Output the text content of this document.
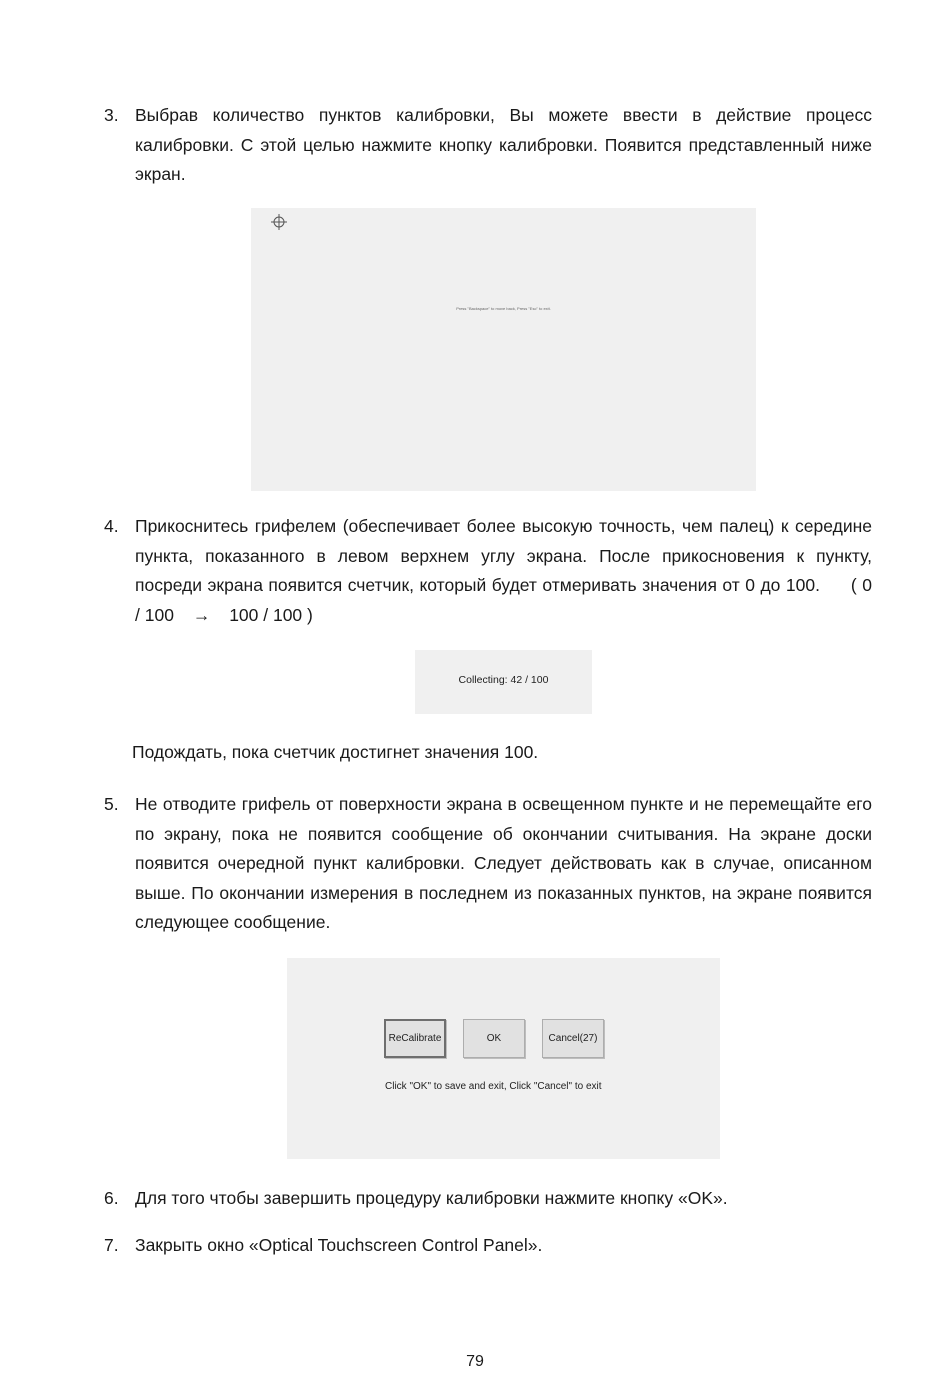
3. Выбрав количество пунктов калибровки, Вы можете ввести в действие процесс калибровки. С этой целью нажмите кнопку калибровки. Появится представленный ниже экран.
Press "Backspace" to move back, Press "Esc" to exit.
4. Прикоснитесь грифелем (обеспечивает более высокую точность, чем палец) к середине пункта, показанного в левом верхнем углу экрана. После прикосновения к пункту, посреди экрана появится счетчик, который будет отмеривать значения от 0 до 100. ( 0 / 100 → 100 / 100 )
Collecting: 42 / 100
Подождать, пока счетчик достигнет значения 100.
5. Не отводите грифель от поверхности экрана в освещенном пункте и не перемещайте его по экрану, пока не появится сообщение об окончании считывания. На экране доски появится очередной пункт калибровки. Следует действовать как в случае, описанном выше. По окончании измерения в последнем из показанных пунктов, на экране появится следующее сообщение.
ReCalibrate	OK	Cancel(27)
Click "OK" to save and exit, Click "Cancel" to exit
6. Для того чтобы завершить процедуру калибровки нажмите кнопку «OK».
7. Закрыть окно «Optical Touchscreen Control Panel».
79
